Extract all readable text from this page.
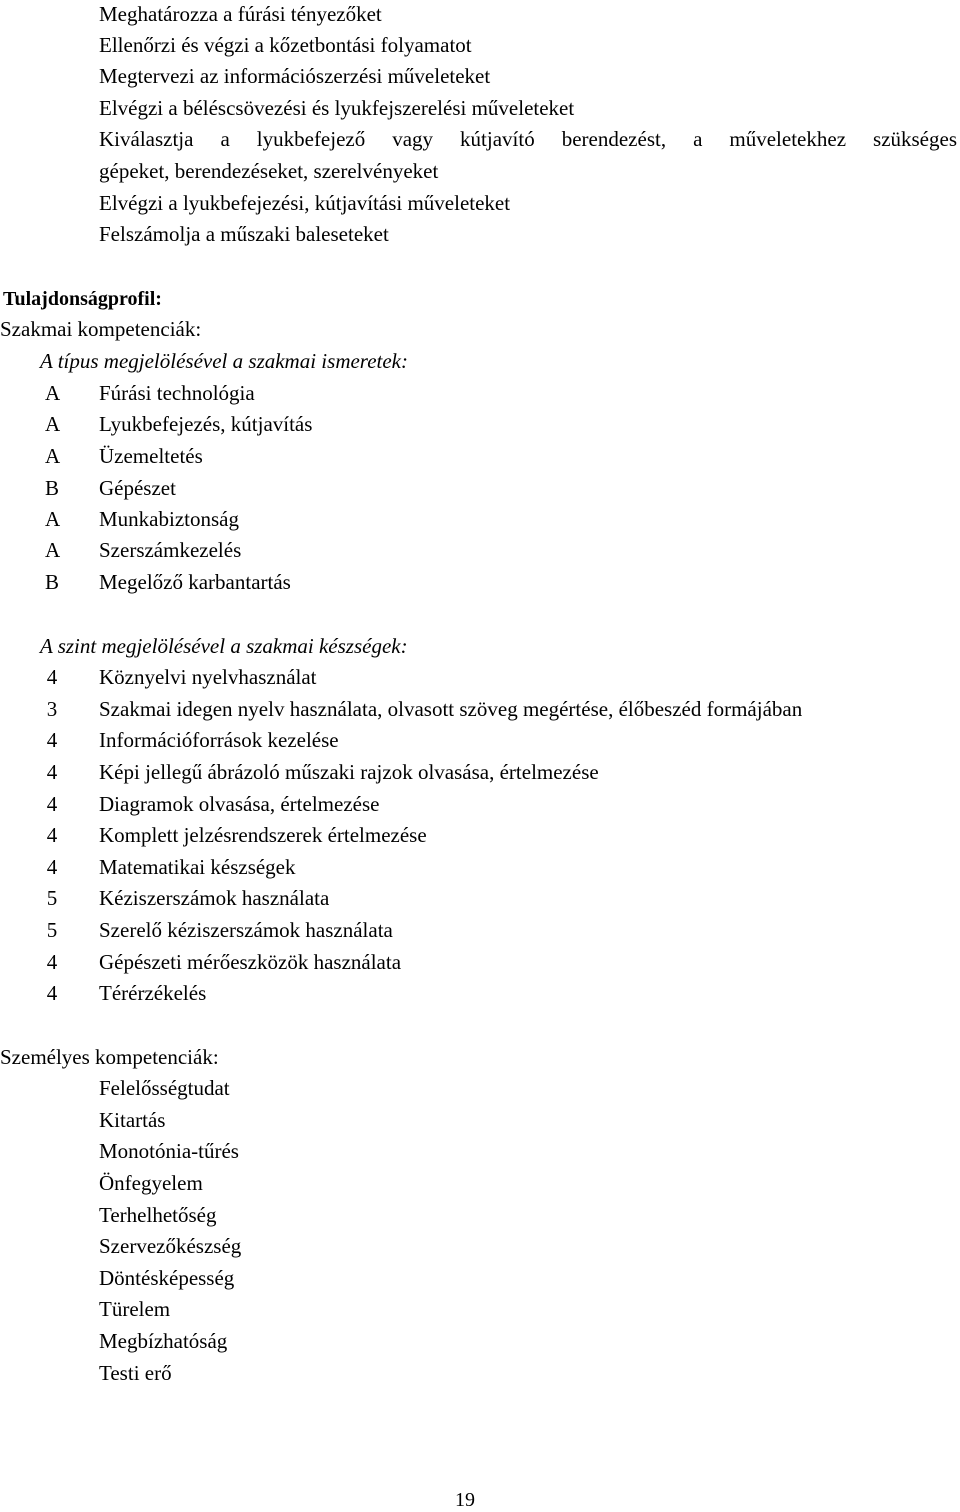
Meghatározza a fúrási tényezőket
Ellenőrzi és végzi a kőzetbontási folyamatot
Megtervezi az információszerzési műveleteket
Elvégzi a béléscsövezési és lyukfejszerelési műveleteket
Kiválasztja a lyukbefejező vagy kútjavító berendezést, a műveletekhez szükséges
gépeket, berendezéseket, szerelvényeket
Elvégzi a lyukbefejezési, kútjavítási műveleteket
Felszámolja a műszaki baleseteket
Tulajdonságprofil:
Szakmai kompetenciák:
A típus megjelölésével a szakmai ismeretek:
A Fúrási technológia
A Lyukbefejezés, kútjavítás
A Üzemeltetés
B Gépészet
A Munkabiztonság
A Szerszámkezelés
B Megelőző karbantartás
A szint megjelölésével a szakmai készségek:
4 Köznyelvi nyelvhasználat
3 Szakmai idegen nyelv használata, olvasott szöveg megértése, élőbeszéd formájában
4 Információforrások kezelése
4 Képi jellegű ábrázoló műszaki rajzok olvasása, értelmezése
4 Diagramok olvasása, értelmezése
4 Komplett jelzésrendszerek értelmezése
4 Matematikai készségek
5 Kéziszerszámok használata
5 Szerelő kéziszerszámok használata
4 Gépészeti mérőeszközök használata
4 Térérzékelés
Személyes kompetenciák:
Felelősségtudat
Kitartás
Monotónia-tűrés
Önfegyelem
Terhelhetőség
Szervezőkészség
Döntésképesség
Türelem
Megbízhatóság
Testi erő
19
